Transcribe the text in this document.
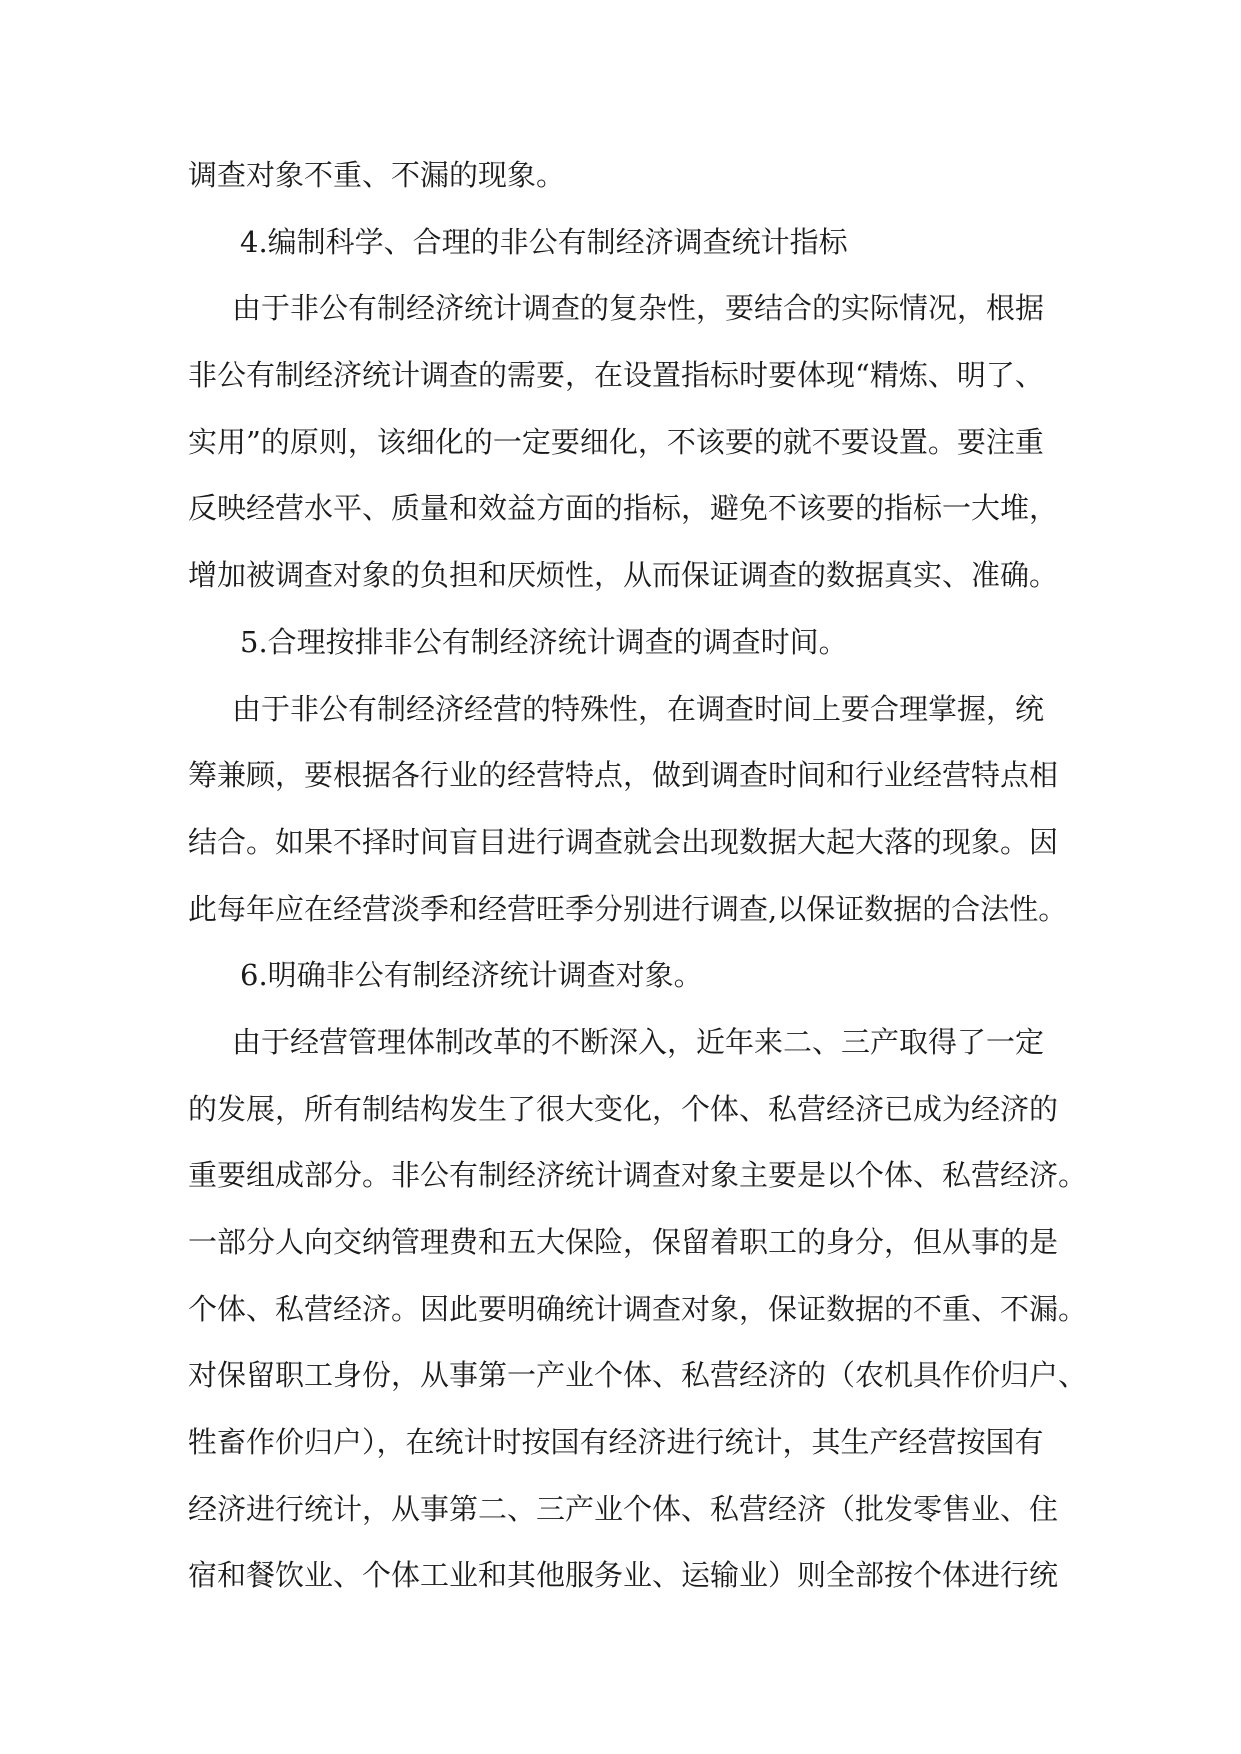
调查对象不重、不漏的现象。
4.编制科学、合理的非公有制经济调查统计指标
由于非公有制经济统计调查的复杂性，要结合的实际情况，根据
非公有制经济统计调查的需要，在设置指标时要体现“精炼、明了、
实用”的原则，该细化的一定要细化，不该要的就不要设置。要注重
反映经营水平、质量和效益方面的指标，避免不该要的指标一大堆，
增加被调查对象的负担和厌烦性，从而保证调查的数据真实、准确。
5.合理按排非公有制经济统计调查的调查时间。
由于非公有制经济经营的特殊性，在调查时间上要合理掌握，统
筹兼顾，要根据各行业的经营特点，做到调查时间和行业经营特点相
结合。如果不择时间盲目进行调查就会出现数据大起大落的现象。因
此每年应在经营淡季和经营旺季分别进行调查,以保证数据的合法性。
6.明确非公有制经济统计调查对象。
由于经营管理体制改革的不断深入，近年来二、三产取得了一定
的发展，所有制结构发生了很大变化，个体、私营经济已成为经济的
重要组成部分。非公有制经济统计调查对象主要是以个体、私营经济。
一部分人向交纳管理费和五大保险，保留着职工的身分，但从事的是
个体、私营经济。因此要明确统计调查对象，保证数据的不重、不漏。
对保留职工身份，从事第一产业个体、私营经济的（农机具作价归户、
牲畜作价归户），在统计时按国有经济进行统计，其生产经营按国有
经济进行统计，从事第二、三产业个体、私营经济（批发零售业、住
宿和餐饮业、个体工业和其他服务业、运输业）则全部按个体进行统
